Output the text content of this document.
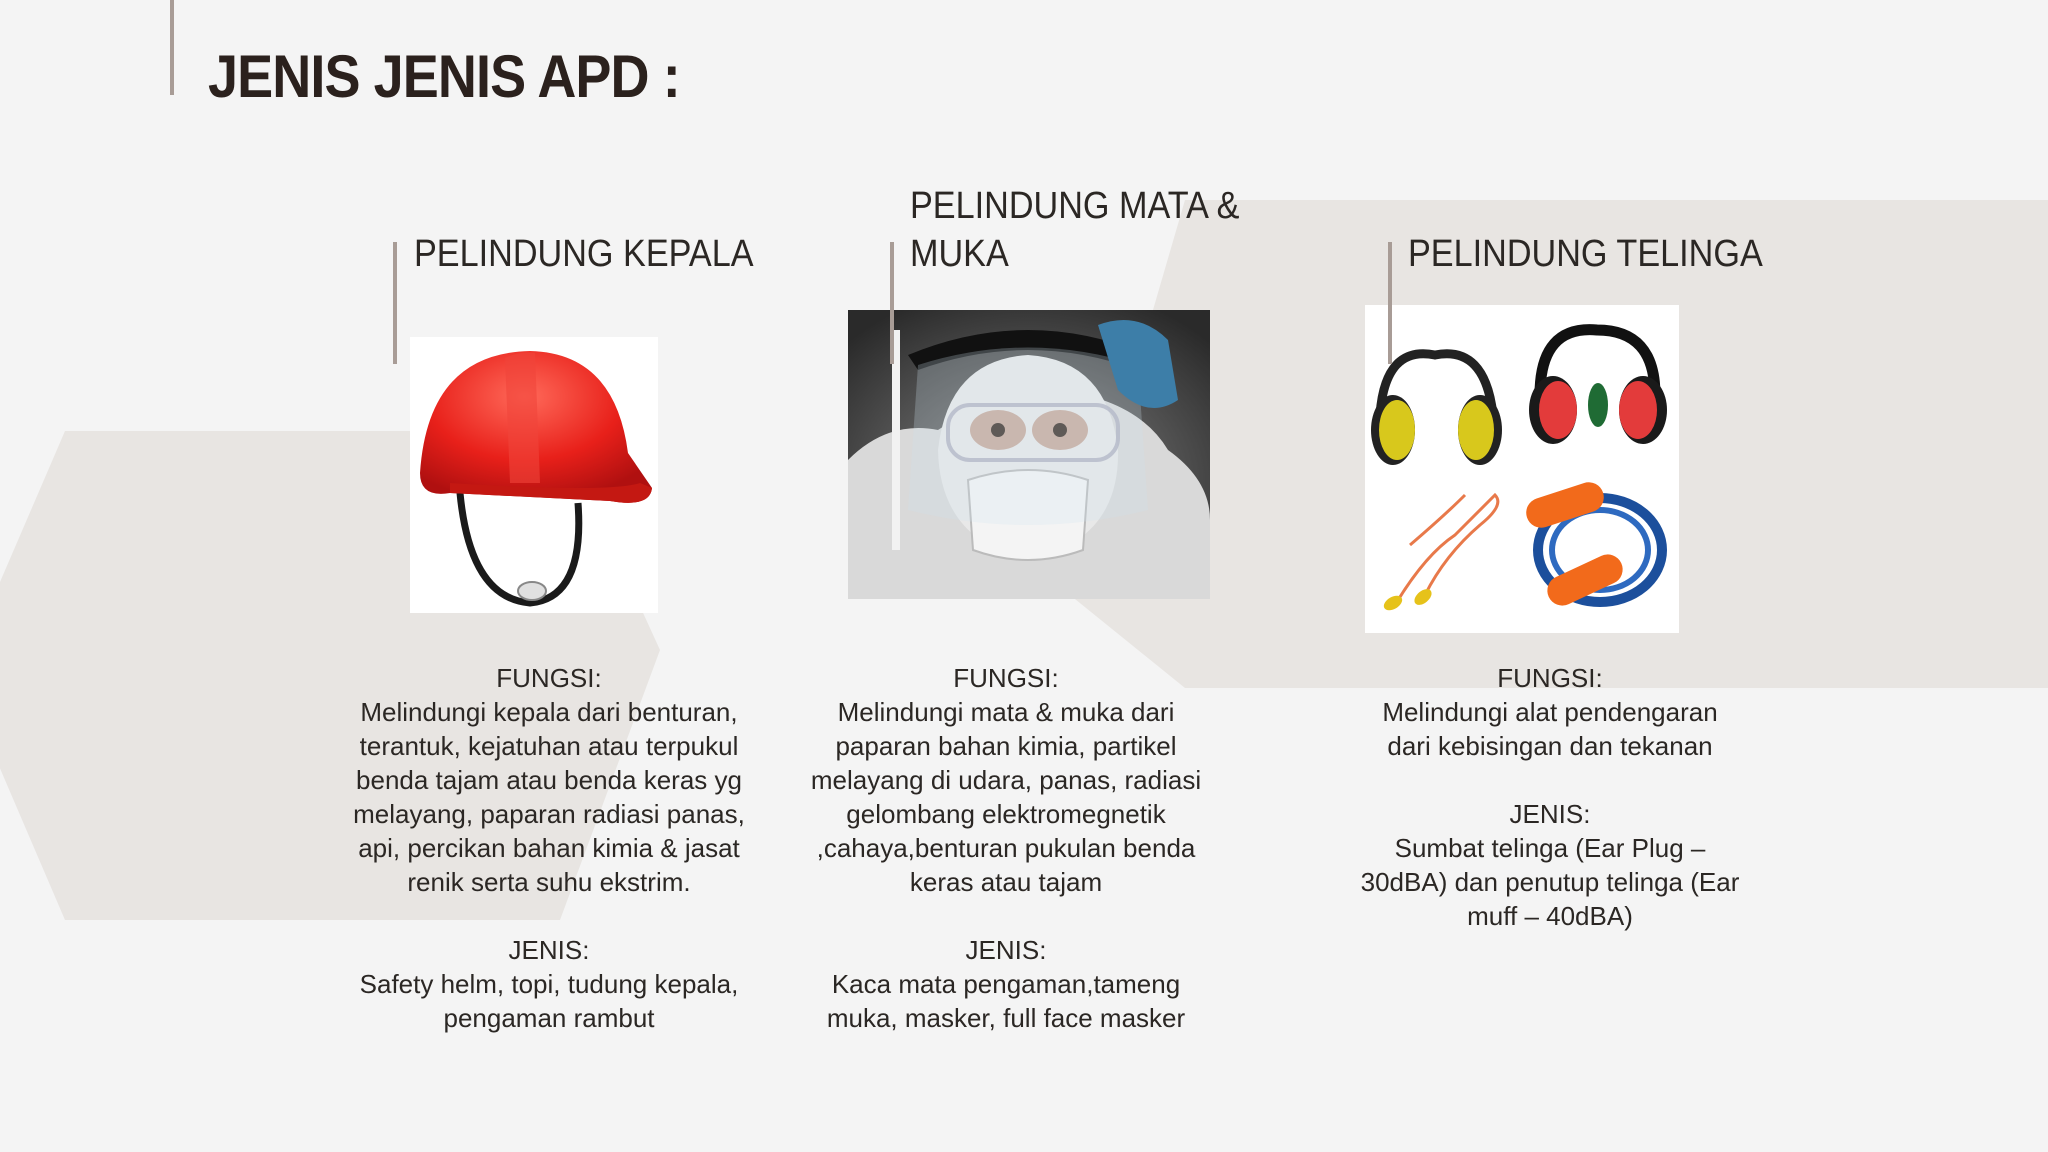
JENIS JENIS APD :
PELINDUNG KEPALA

FUNGSI:

Melindungi kepala dari benturan, terantuk, kejatuhan atau terpukul benda tajam atau benda keras yg melayang, paparan radiasi panas, api, percikan bahan kimia & jasat renik serta suhu ekstrim.

JENIS:

Safety helm, topi, tudung kepala, pengaman rambut

PELINDUNG MATA &
MUKA

FUNGSI:

Melindungi mata & muka dari paparan bahan kimia, partikel melayang di udara, panas, radiasi gelombang elektromegnetik ,cahaya,benturan pukulan benda keras atau tajam

JENIS:

Kaca mata pengaman,tameng muka, masker, full face masker

PELINDUNG TELINGA

FUNGSI:

Melindungi alat pendengaran dari kebisingan dan tekanan

JENIS:

Sumbat telinga (Ear Plug – 30dBA) dan penutup telinga (Ear muff – 40dBA)
